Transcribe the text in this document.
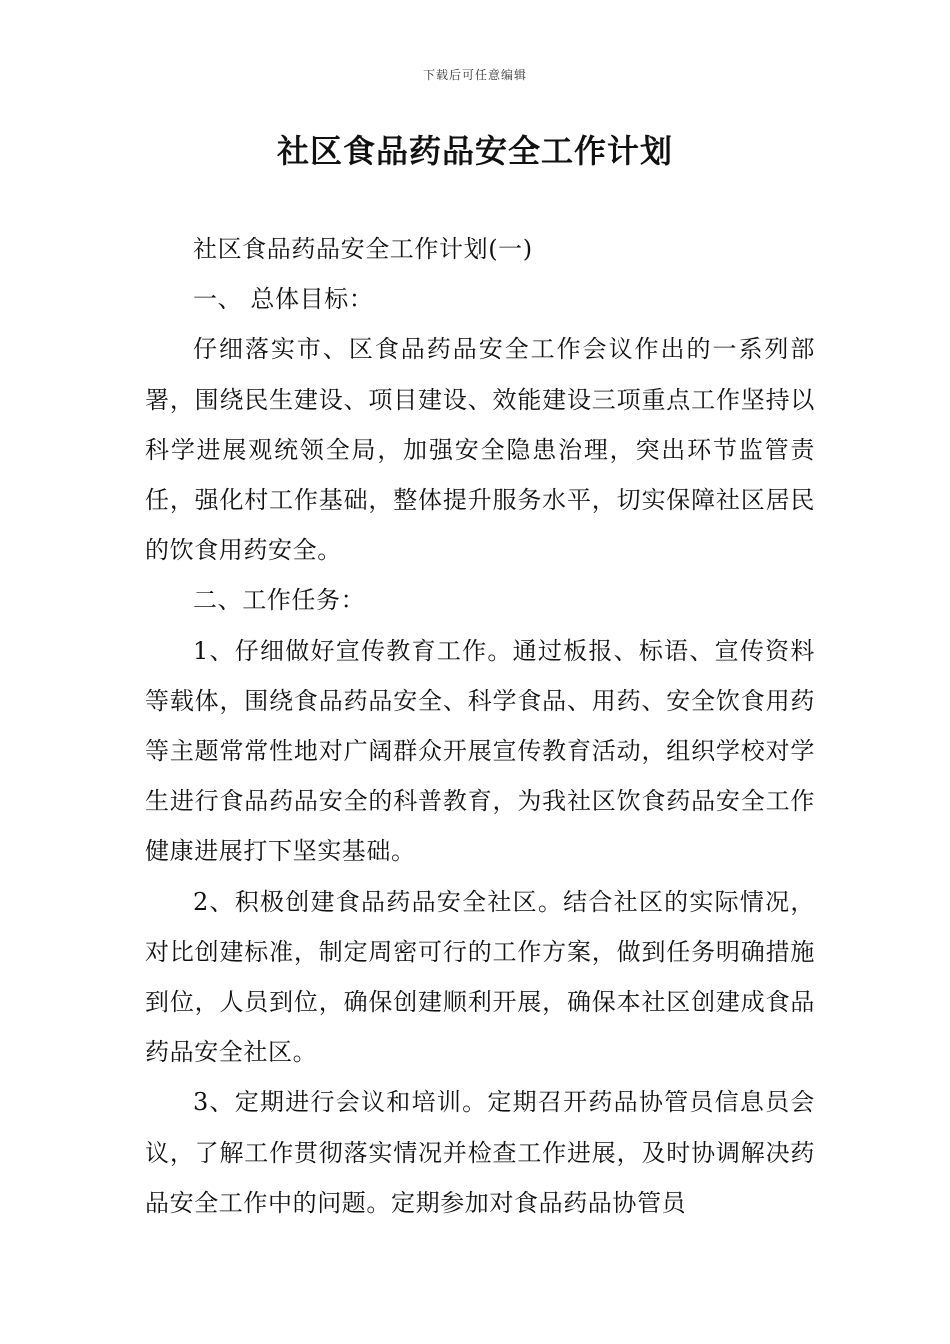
下载后可任意编辑
社区食品药品安全工作计划

社区食品药品安全工作计划(一)

一、 总体目标：

仔细落实市、区食品药品安全工作会议作出的一系列部署，围绕民生建设、项目建设、效能建设三项重点工作坚持以科学进展观统领全局，加强安全隐患治理，突出环节监管责任，强化村工作基础，整体提升服务水平，切实保障社区居民的饮食用药安全。

二、工作任务：

1、仔细做好宣传教育工作。通过板报、标语、宣传资料等载体，围绕食品药品安全、科学食品、用药、安全饮食用药等主题常常性地对广阔群众开展宣传教育活动，组织学校对学生进行食品药品安全的科普教育，为我社区饮食药品安全工作健康进展打下坚实基础。

2、积极创建食品药品安全社区。结合社区的实际情况，对比创建标准，制定周密可行的工作方案，做到任务明确措施到位，人员到位，确保创建顺利开展，确保本社区创建成食品药品安全社区。

3、定期进行会议和培训。定期召开药品协管员信息员会议，了解工作贯彻落实情况并检查工作进展，及时协调解决药品安全工作中的问题。定期参加对食品药品协管员
